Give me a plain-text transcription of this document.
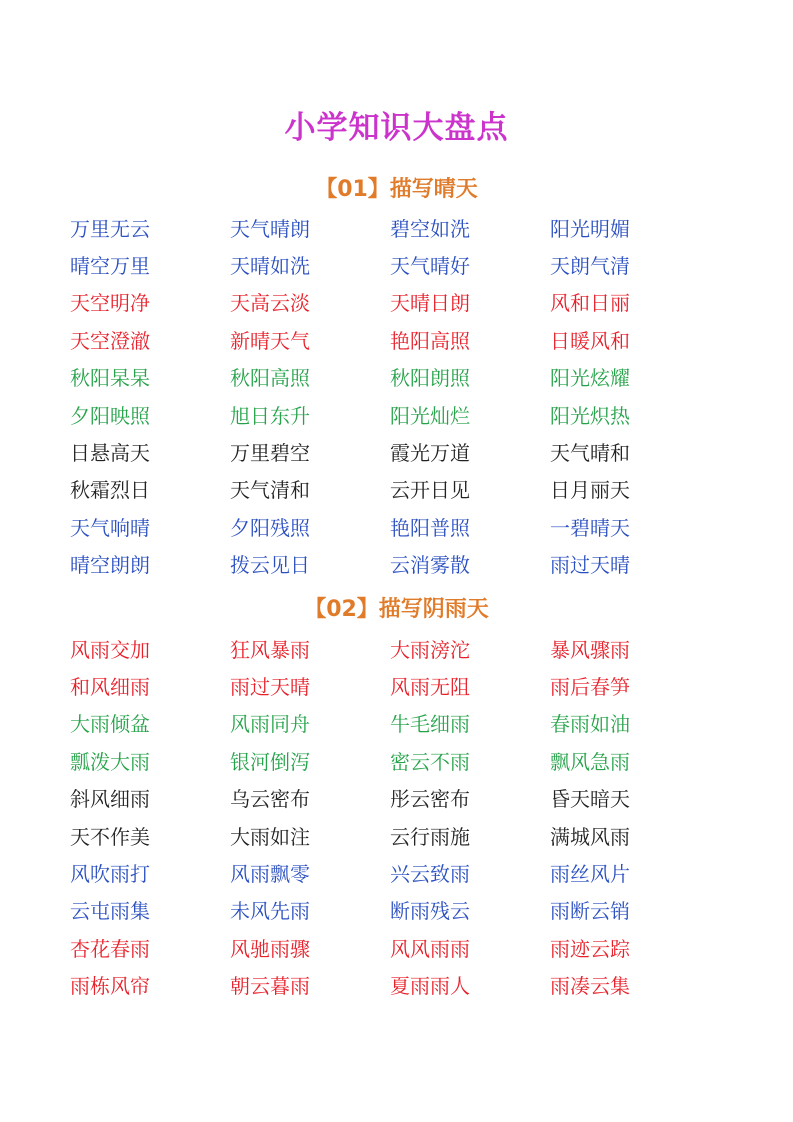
小学知识大盘点
【01】描写晴天
万里无云	天气晴朗	碧空如洗	阳光明媚
晴空万里	天晴如洗	天气晴好	天朗气清
天空明净	天高云淡	天晴日朗	风和日丽
天空澄澈	新晴天气	艳阳高照	日暖风和
秋阳杲杲	秋阳高照	秋阳朗照	阳光炫耀
夕阳映照	旭日东升	阳光灿烂	阳光炽热
日悬高天	万里碧空	霞光万道	天气晴和
秋霜烈日	天气清和	云开日见	日月丽天
天气响晴	夕阳残照	艳阳普照	一碧晴天
晴空朗朗	拨云见日	云消雾散	雨过天晴
【02】描写阴雨天
风雨交加	狂风暴雨	大雨滂沱	暴风骤雨
和风细雨	雨过天晴	风雨无阻	雨后春笋
大雨倾盆	风雨同舟	牛毛细雨	春雨如油
瓢泼大雨	银河倒泻	密云不雨	飘风急雨
斜风细雨	乌云密布	彤云密布	昏天暗天
天不作美	大雨如注	云行雨施	满城风雨
风吹雨打	风雨飘零	兴云致雨	雨丝风片
云屯雨集	未风先雨	断雨残云	雨断云销
杏花春雨	风驰雨骤	风风雨雨	雨迹云踪
雨栋风帘	朝云暮雨	夏雨雨人	雨凑云集
